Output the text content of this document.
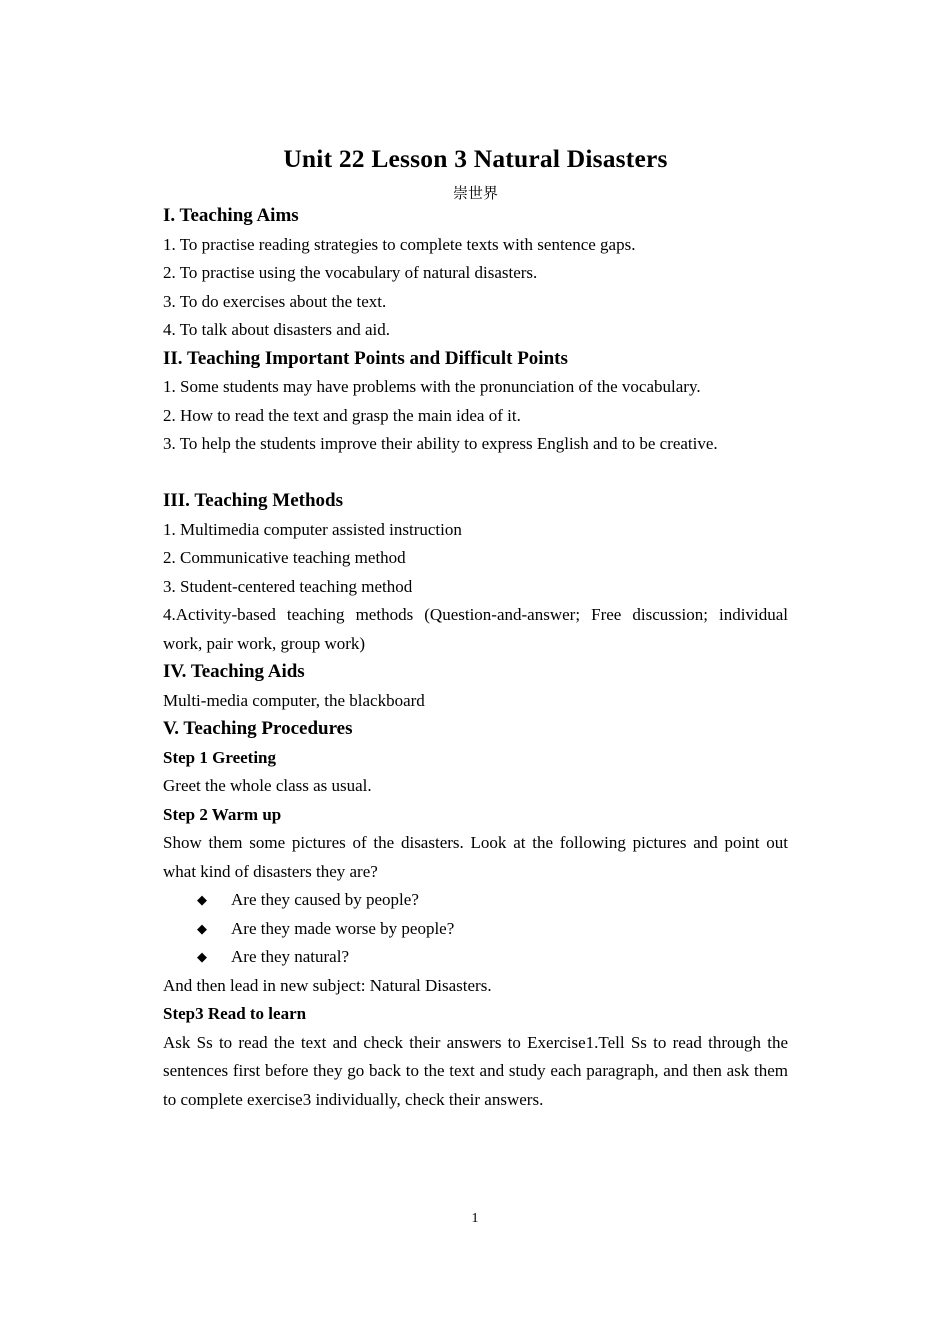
Unit 22 Lesson 3 Natural Disasters
崇世界
I. Teaching Aims

1. To practise reading strategies to complete texts with sentence gaps.

2. To practise using the vocabulary of natural disasters.

3. To do exercises about the text.

4. To talk about disasters and aid.

II. Teaching Important Points and Difficult Points

1. Some students may have problems with the pronunciation of the vocabulary.

2. How to read the text and grasp the main idea of it.

3. To help the students improve their ability to express English and to be creative.

III. Teaching Methods

1. Multimedia computer assisted instruction

2. Communicative teaching method

3. Student-centered teaching method

4.Activity-based teaching methods (Question-and-answer; Free discussion; individual work, pair work, group work)

IV. Teaching Aids

Multi-media computer, the blackboard

V. Teaching Procedures

Step 1 Greeting

Greet the whole class as usual.

Step 2 Warm up

Show them some pictures of the disasters. Look at the following pictures and point out what kind of disasters they are?

◆ Are they caused by people?
◆ Are they made worse by people?
◆ Are they natural?

And then lead in new subject: Natural Disasters.

Step3 Read to learn

Ask Ss to read the text and check their answers to Exercise1.Tell Ss to read through the sentences first before they go back to the text and study each paragraph, and then ask them to complete exercise3 individually, check their answers.

1
